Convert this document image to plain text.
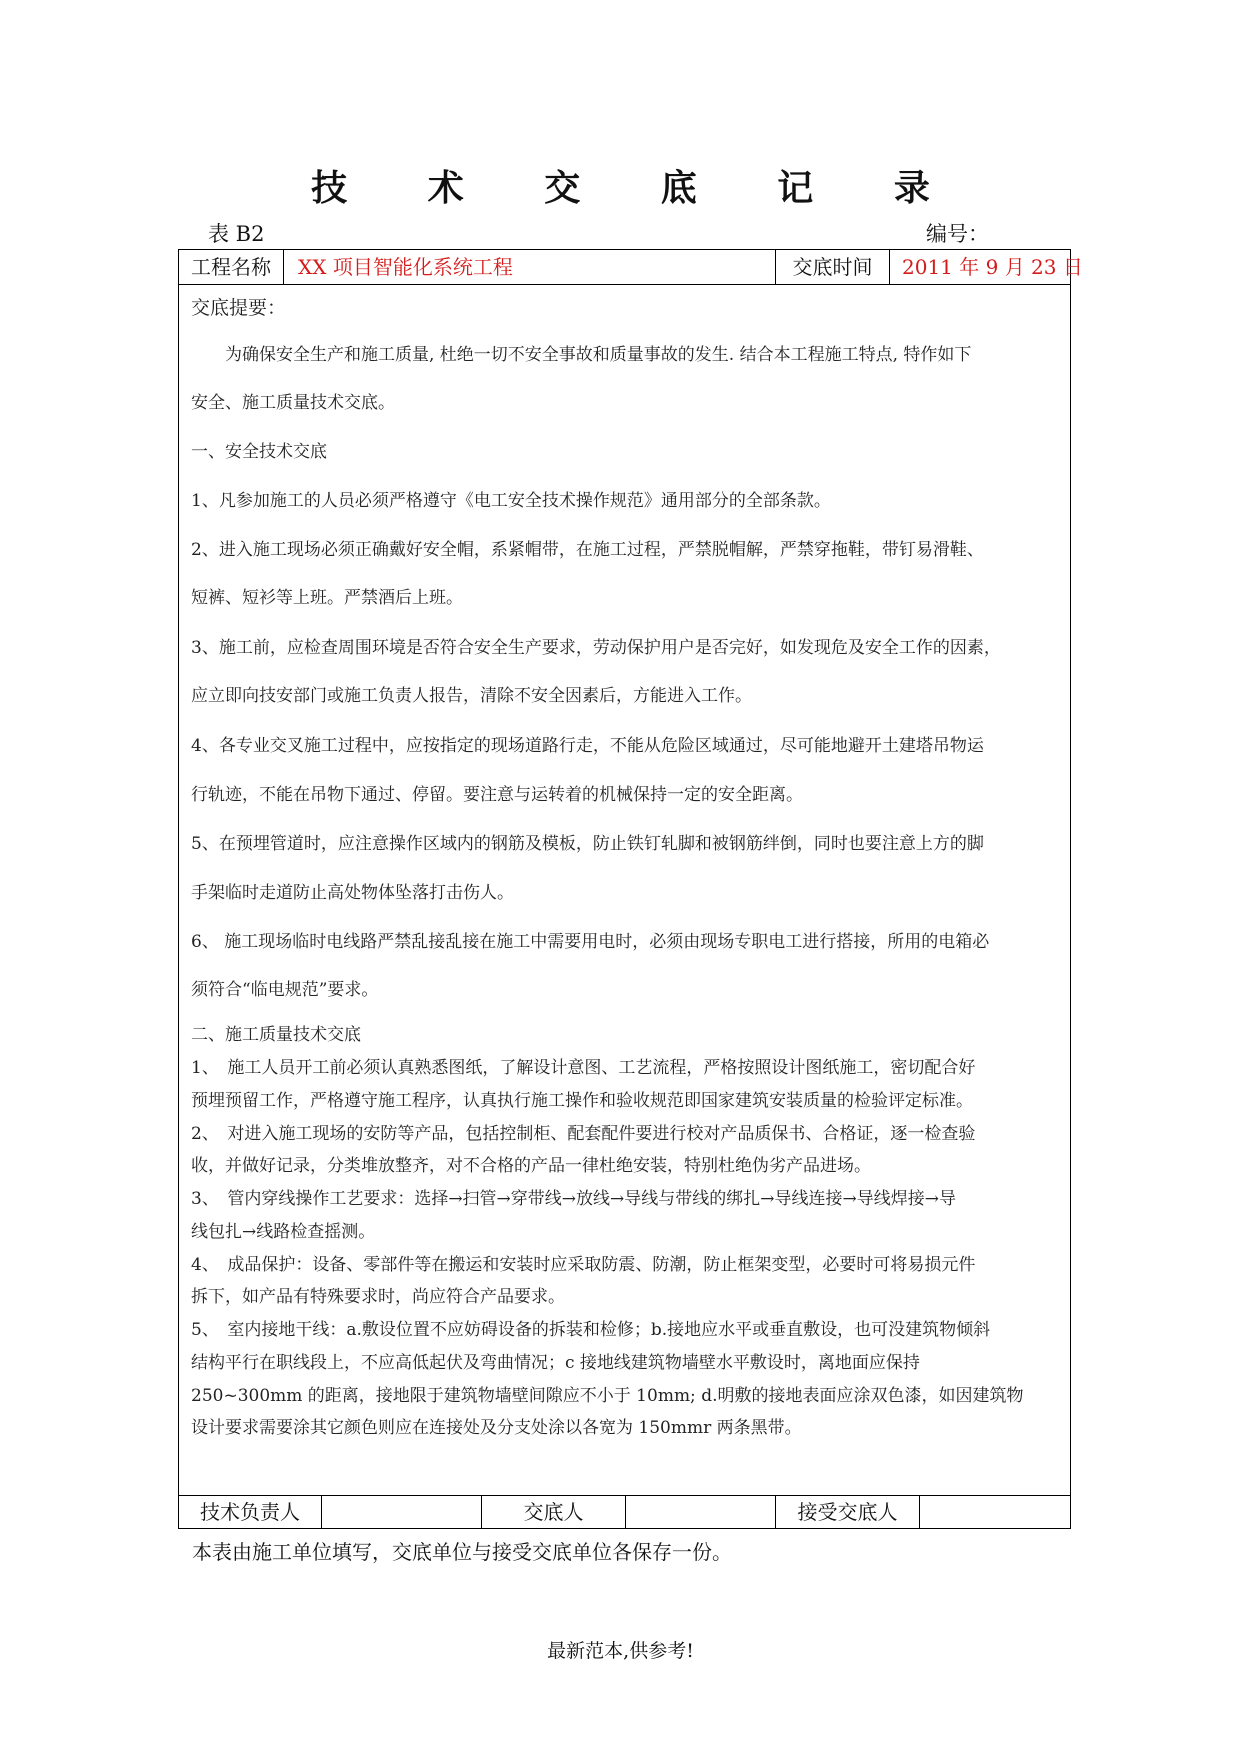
技 术 交 底 记 录
表 B2	编号：
工程名称	XX 项目智能化系统工程	交底时间	2011 年 9 月 23 日
交底提要：
　　为确保安全生产和施工质量, 杜绝一切不安全事故和质量事故的发生. 结合本工程施工特点, 特作如下
安全、施工质量技术交底。
一、安全技术交底
1、凡参加施工的人员必须严格遵守《电工安全技术操作规范》通用部分的全部条款。
2、进入施工现场必须正确戴好安全帽，系紧帽带，在施工过程，严禁脱帽解，严禁穿拖鞋，带钉易滑鞋、
短裤、短衫等上班。严禁酒后上班。
3、施工前，应检查周围环境是否符合安全生产要求，劳动保护用户是否完好，如发现危及安全工作的因素，
应立即向技安部门或施工负责人报告，清除不安全因素后，方能进入工作。
4、各专业交叉施工过程中，应按指定的现场道路行走，不能从危险区域通过，尽可能地避开土建塔吊物运
行轨迹，不能在吊物下通过、停留。要注意与运转着的机械保持一定的安全距离。
5、在预埋管道时，应注意操作区域内的钢筋及模板，防止铁钉轧脚和被钢筋绊倒，同时也要注意上方的脚
手架临时走道防止高处物体坠落打击伤人。
6、 施工现场临时电线路严禁乱接乱接在施工中需要用电时，必须由现场专职电工进行搭接，所用的电箱必
须符合“临电规范”要求。
二、施工质量技术交底
1、　施工人员开工前必须认真熟悉图纸，了解设计意图、工艺流程，严格按照设计图纸施工，密切配合好
预埋预留工作，严格遵守施工程序，认真执行施工操作和验收规范即国家建筑安装质量的检验评定标准。
2、　对进入施工现场的安防等产品，包括控制柜、配套配件要进行校对产品质保书、合格证，逐一检查验
收，并做好记录，分类堆放整齐，对不合格的产品一律杜绝安装，特别杜绝伪劣产品进场。
3、　管内穿线操作工艺要求：选择→扫管→穿带线→放线→导线与带线的绑扎→导线连接→导线焊接→导
线包扎→线路检查摇测。
4、　成品保护：设备、零部件等在搬运和安装时应采取防震、防潮，防止框架变型，必要时可将易损元件
拆下，如产品有特殊要求时，尚应符合产品要求。
5、　室内接地干线：a.敷设位置不应妨碍设备的拆装和检修；b.接地应水平或垂直敷设，也可没建筑物倾斜
结构平行在职线段上，不应高低起伏及弯曲情况；c 接地线建筑物墙壁水平敷设时，离地面应保持
250~300mm 的距离，接地限于建筑物墙壁间隙应不小于 10mm; d.明敷的接地表面应涂双色漆，如因建筑物
设计要求需要涂其它颜色则应在连接处及分支处涂以各宽为 150mmr 两条黑带。
技术负责人	交底人	接受交底人
本表由施工单位填写，交底单位与接受交底单位各保存一份。
最新范本,供参考!
